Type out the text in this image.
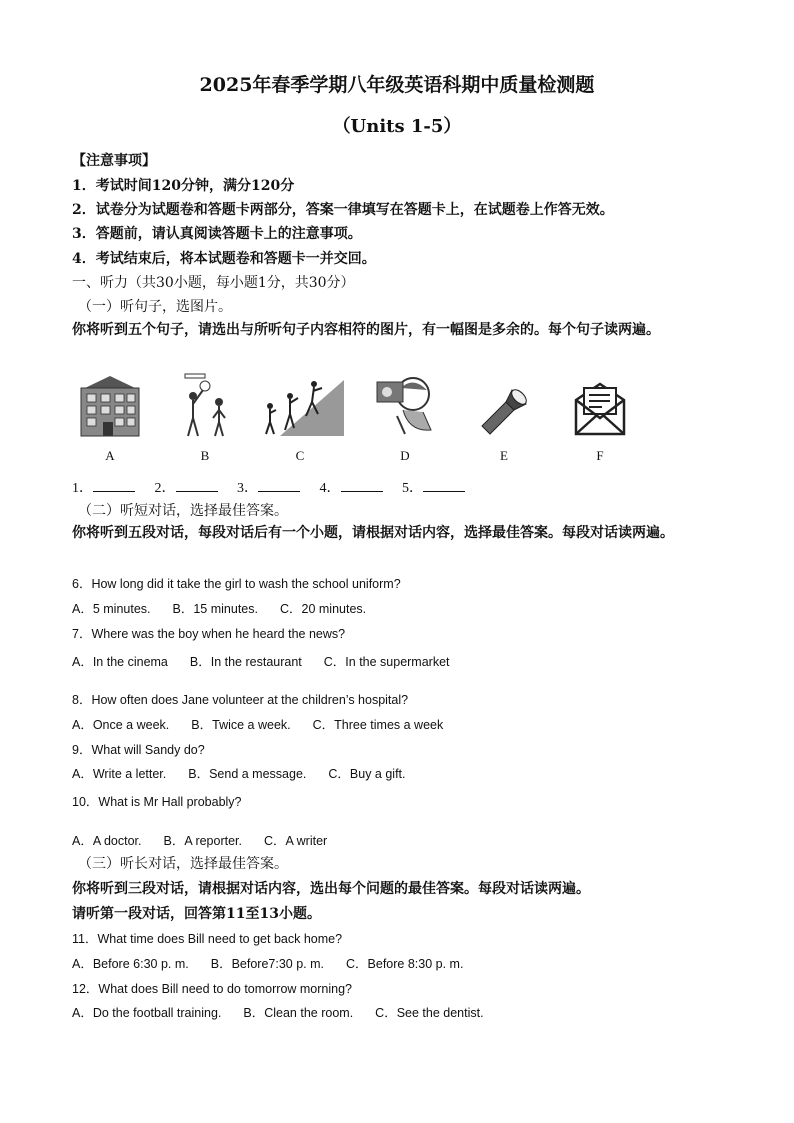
2025年春季学期八年级英语科期中质量检测题
（Units 1-5）
【注意事项】
1．考试时间120分钟，满分120分
2．试卷分为试题卷和答题卡两部分，答案一律填写在答题卡上，在试题卷上作答无效。
3．答题前，请认真阅读答题卡上的注意事项。
4．考试结束后，将本试题卷和答题卡一并交回。
一、听力（共30小题，每小题1分，共30分）
（一）听句子，选图片。
你将听到五个句子，请选出与所听句子内容相符的图片，有一幅图是多余的。每个句子读两遍。
A	B	C	D	E	F
1．	2．	3．	4．	5．
（二）听短对话，选择最佳答案。
你将听到五段对话，每段对话后有一个小题，请根据对话内容，选择最佳答案。每段对话读两遍。
6．How long did it take the girl to wash the school uniform?
A．5 minutes. B．15 minutes. C．20 minutes.
7．Where was the boy when he heard the news?
A．In the cinema B．In the restaurant C．In the supermarket
8．How often does Jane volunteer at the children’s hospital?
A．Once a week. B．Twice a week. C．Three times a week
9．What will Sandy do?
A．Write a letter. B．Send a message. C．Buy a gift.
10．What is Mr Hall probably?
A．A doctor. B．A reporter. C．A writer
（三）听长对话，选择最佳答案。
你将听到三段对话，请根据对话内容，选出每个问题的最佳答案。每段对话读两遍。
请听第一段对话，回答第11至13小题。
11．What time does Bill need to get back home?
A．Before 6:30 p. m. B．Before7:30 p. m. C．Before 8:30 p. m.
12．What does Bill need to do tomorrow morning?
A．Do the football training. B．Clean the room. C．See the dentist.
